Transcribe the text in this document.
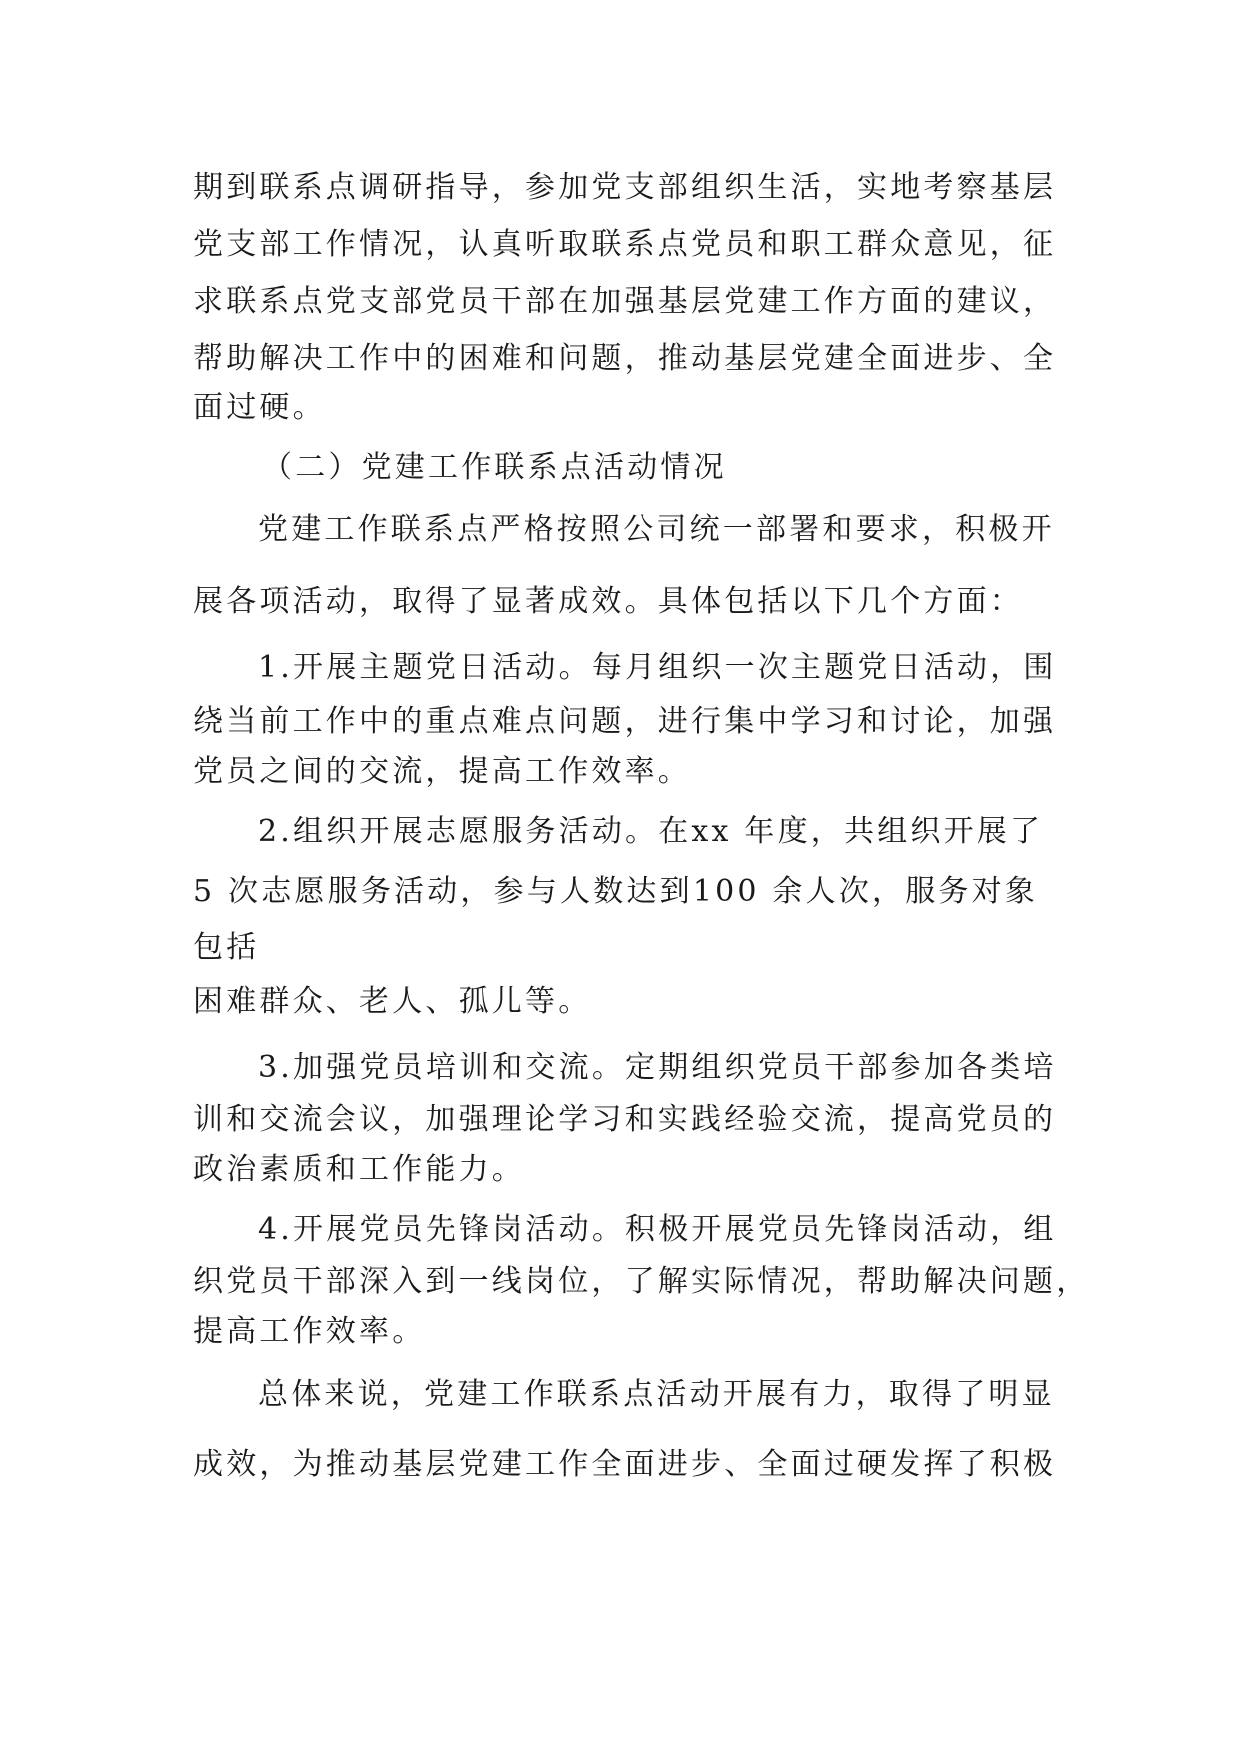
期到联系点调研指导，参加党支部组织生活，实地考察基层
党支部工作情况，认真听取联系点党员和职工群众意见，征
求联系点党支部党员干部在加强基层党建工作方面的建议，
帮助解决工作中的困难和问题，推动基层党建全面进步、全
面过硬。
（二）党建工作联系点活动情况
党建工作联系点严格按照公司统一部署和要求，积极开
展各项活动，取得了显著成效。具体包括以下几个方面：
1.开展主题党日活动。每月组织一次主题党日活动，围
绕当前工作中的重点难点问题，进行集中学习和讨论，加强
党员之间的交流，提高工作效率。
2.组织开展志愿服务活动。在xx 年度，共组织开展了
5 次志愿服务活动，参与人数达到100 余人次，服务对象
包括
困难群众、老人、孤儿等。
3.加强党员培训和交流。定期组织党员干部参加各类培
训和交流会议，加强理论学习和实践经验交流，提高党员的
政治素质和工作能力。
4.开展党员先锋岗活动。积极开展党员先锋岗活动，组
织党员干部深入到一线岗位，了解实际情况，帮助解决问题，
提高工作效率。
总体来说，党建工作联系点活动开展有力，取得了明显
成效，为推动基层党建工作全面进步、全面过硬发挥了积极
